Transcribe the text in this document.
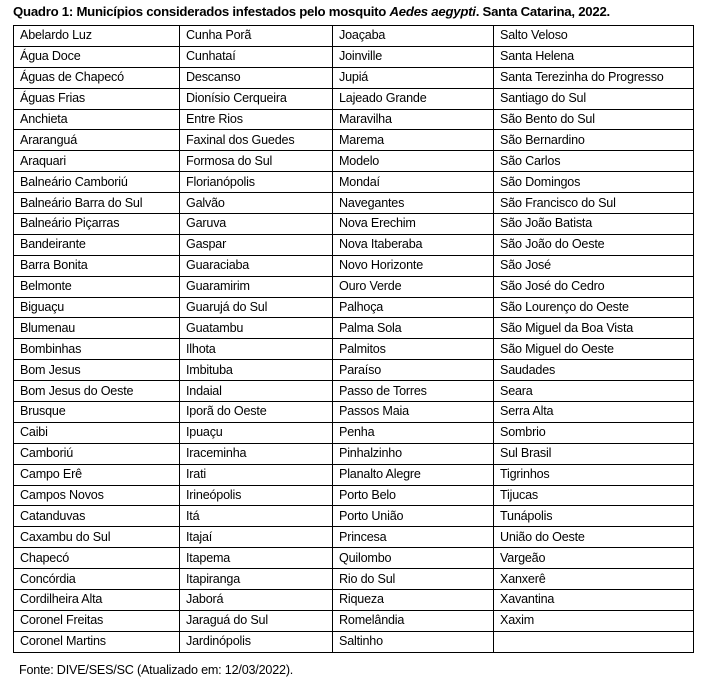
Quadro 1: Municípios considerados infestados pelo mosquito Aedes aegypti. Santa Catarina, 2022.
Abelardo Luz	Cunha Porã	Joaçaba	Salto Veloso
Água Doce	Cunhataí	Joinville	Santa Helena
Águas de Chapecó	Descanso	Jupiá	Santa Terezinha do Progresso
Águas Frias	Dionísio Cerqueira	Lajeado Grande	Santiago do Sul
Anchieta	Entre Rios	Maravilha	São Bento do Sul
Araranguá	Faxinal dos Guedes	Marema	São Bernardino
Araquari	Formosa do Sul	Modelo	São Carlos
Balneário Camboriú	Florianópolis	Mondaí	São Domingos
Balneário Barra do Sul	Galvão	Navegantes	São Francisco do Sul
Balneário Piçarras	Garuva	Nova Erechim	São João Batista
Bandeirante	Gaspar	Nova Itaberaba	São João do Oeste
Barra Bonita	Guaraciaba	Novo Horizonte	São José
Belmonte	Guaramirim	Ouro Verde	São José do Cedro
Biguaçu	Guarujá do Sul	Palhoça	São Lourenço do Oeste
Blumenau	Guatambu	Palma Sola	São Miguel da Boa Vista
Bombinhas	Ilhota	Palmitos	São Miguel do Oeste
Bom Jesus	Imbituba	Paraíso	Saudades
Bom Jesus do Oeste	Indaial	Passo de Torres	Seara
Brusque	Iporã do Oeste	Passos Maia	Serra Alta
Caibi	Ipuaçu	Penha	Sombrio
Camboriú	Iraceminha	Pinhalzinho	Sul Brasil
Campo Erê	Irati	Planalto Alegre	Tigrinhos
Campos Novos	Irineópolis	Porto Belo	Tijucas
Catanduvas	Itá	Porto União	Tunápolis
Caxambu do Sul	Itajaí	Princesa	União do Oeste
Chapecó	Itapema	Quilombo	Vargeão
Concórdia	Itapiranga	Rio do Sul	Xanxerê
Cordilheira Alta	Jaborá	Riqueza	Xavantina
Coronel Freitas	Jaraguá do Sul	Romelândia	Xaxim
Coronel Martins	Jardinópolis	Saltinho	
Fonte: DIVE/SES/SC (Atualizado em: 12/03/2022).
